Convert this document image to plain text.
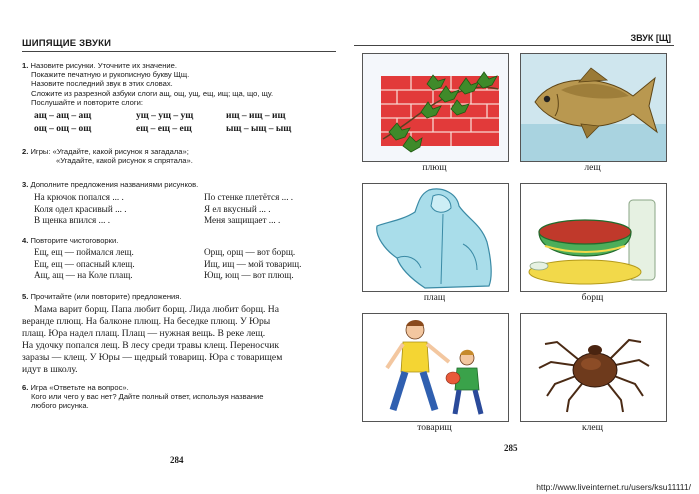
ШИПЯЩИЕ ЗВУКИ
1. Назовите рисунки. Уточните их значение.
Покажите печатную и рукописную букву Щщ.
Назовите последний звук в этих словах.
Сложите из разрезной азбуки слоги ащ, ощ, ущ, ещ, ищ; ща, що, щу.
Послушайте и повторите слоги:
ащ – ащ – ащ	ущ – ущ – ущ	ищ – ищ – ищ
ощ – ощ – ощ	ещ – ещ – ещ	ыщ – ыщ – ыщ
2. Игры: «Угадайте, какой рисунок я загадала»;
«Угадайте, какой рисунок я спрятала».
3. Дополните предложения названиями рисунков.
На крючок попался ... .
Коля одел красивый ... .
В щенка впился ... .
По стенке плетётся ... .
Я ел вкусный ... .
Меня защищает ... .
4. Повторите чистоговорки.
Ещ, ещ — поймался лещ.
Ещ, ещ — опасный клещ.
Ащ, ащ — на Коле плащ.
Орщ, орщ — вот борщ.
Ищ, ищ — мой товарищ.
Ющ, ющ — вот плющ.
5. Прочитайте (или повторите) предложения.
Мама варит борщ. Папа любит борщ. Лида любит борщ. На
веранде плющ. На балконе плющ. На беседке плющ. У Юры
плащ. Юра надел плащ. Плащ — нужная вещь. В реке лещ.
На удочку попался лещ. В лесу среди травы клещ. Переносчик
заразы — клещ. У Юры — щедрый товарищ. Юра с товарищем
идут в школу.
6. Игра «Ответьте на вопрос».
Кого или чего у вас нет? Дайте полный ответ, используя название
любого рисунка.
284
ЗВУК [Щ]
плющ	лещ
плащ	борщ
товарищ	клещ
285
http://www.liveinternet.ru/users/ksu11111/
